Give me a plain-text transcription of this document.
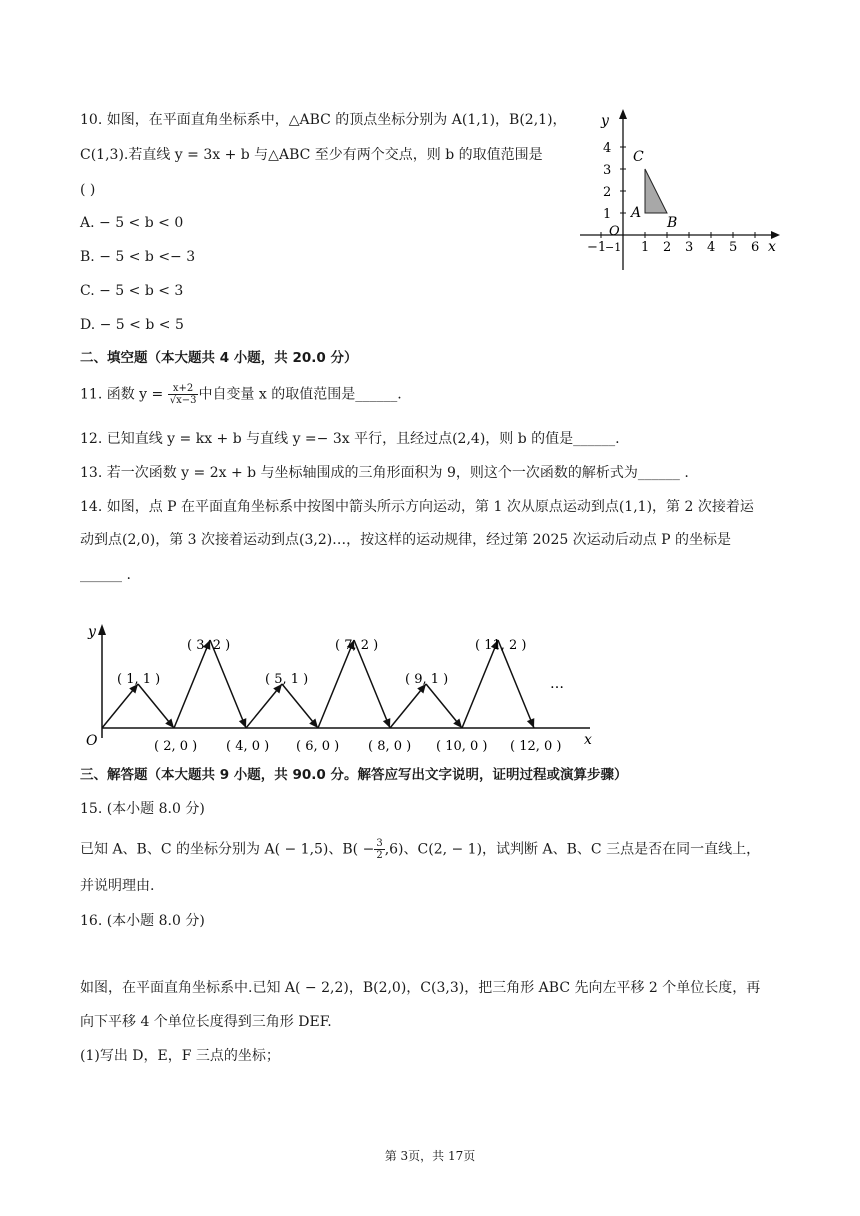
10. 如图，在平面直角坐标系中，△ABC 的顶点坐标分别为 A(1,1)，B(2,1)，
C(1,3).若直线 y = 3x + b 与△ABC 至少有两个交点，则 b 的取值范围是
( )
A. − 5 < b < 0
B. − 5 < b <− 3
C. − 5 < b < 3
D. − 5 < b < 5
y
x
O
1 2 3 4 5 6
−1
−1
1
2
3
4
A
B
C
二、填空题（本大题共 4 小题，共 20.0 分）
11. 函数 $y = \frac{x+2}{√x-3}$ 中自变量 x 的取值范围是______.
12. 已知直线 y = kx + b 与直线 y =− 3x 平行，且经过点(2,4)，则 b 的值是______.
13. 若一次函数 y = 2x + b 与坐标轴围成的三角形面积为 9，则这个一次函数的解析式为______ .
14. 如图，点 P 在平面直角坐标系中按图中箭头所示方向运动，第 1 次从原点运动到点(1,1)，第 2 次接着运
动到点(2,0)，第 3 次接着运动到点(3,2)…，按这样的运动规律，经过第 2025 次运动后动点 P 的坐标是
______ .
y
x
O
( 1, 1 )
( 3, 2 )
( 5, 1 )
( 7, 2 )
( 9, 1 )
( 11, 2 )
( 2, 0 ) ( 4, 0 ) ( 6, 0 ) ( 8, 0 ) ( 10, 0 ) ( 12, 0 )
…
三、解答题（本大题共 9 小题，共 90.0 分。解答应写出文字说明，证明过程或演算步骤）
15. (本小题 8.0 分)
已知 A、B、C 的坐标分别为 A( − 1,5)、$B( - \frac{3}{2} ,6)$、C(2, − 1)，试判断 A、B、C 三点是否在同一直线上，
并说明理由.
16. (本小题 8.0 分)
如图，在平面直角坐标系中.已知 A( − 2,2)，B(2,0)，C(3,3)，把三角形 ABC 先向左平移 2 个单位长度，再
向下平移 4 个单位长度得到三角形 DEF.
(1)写出 D，E，F 三点的坐标；
第 3页，共 17页
